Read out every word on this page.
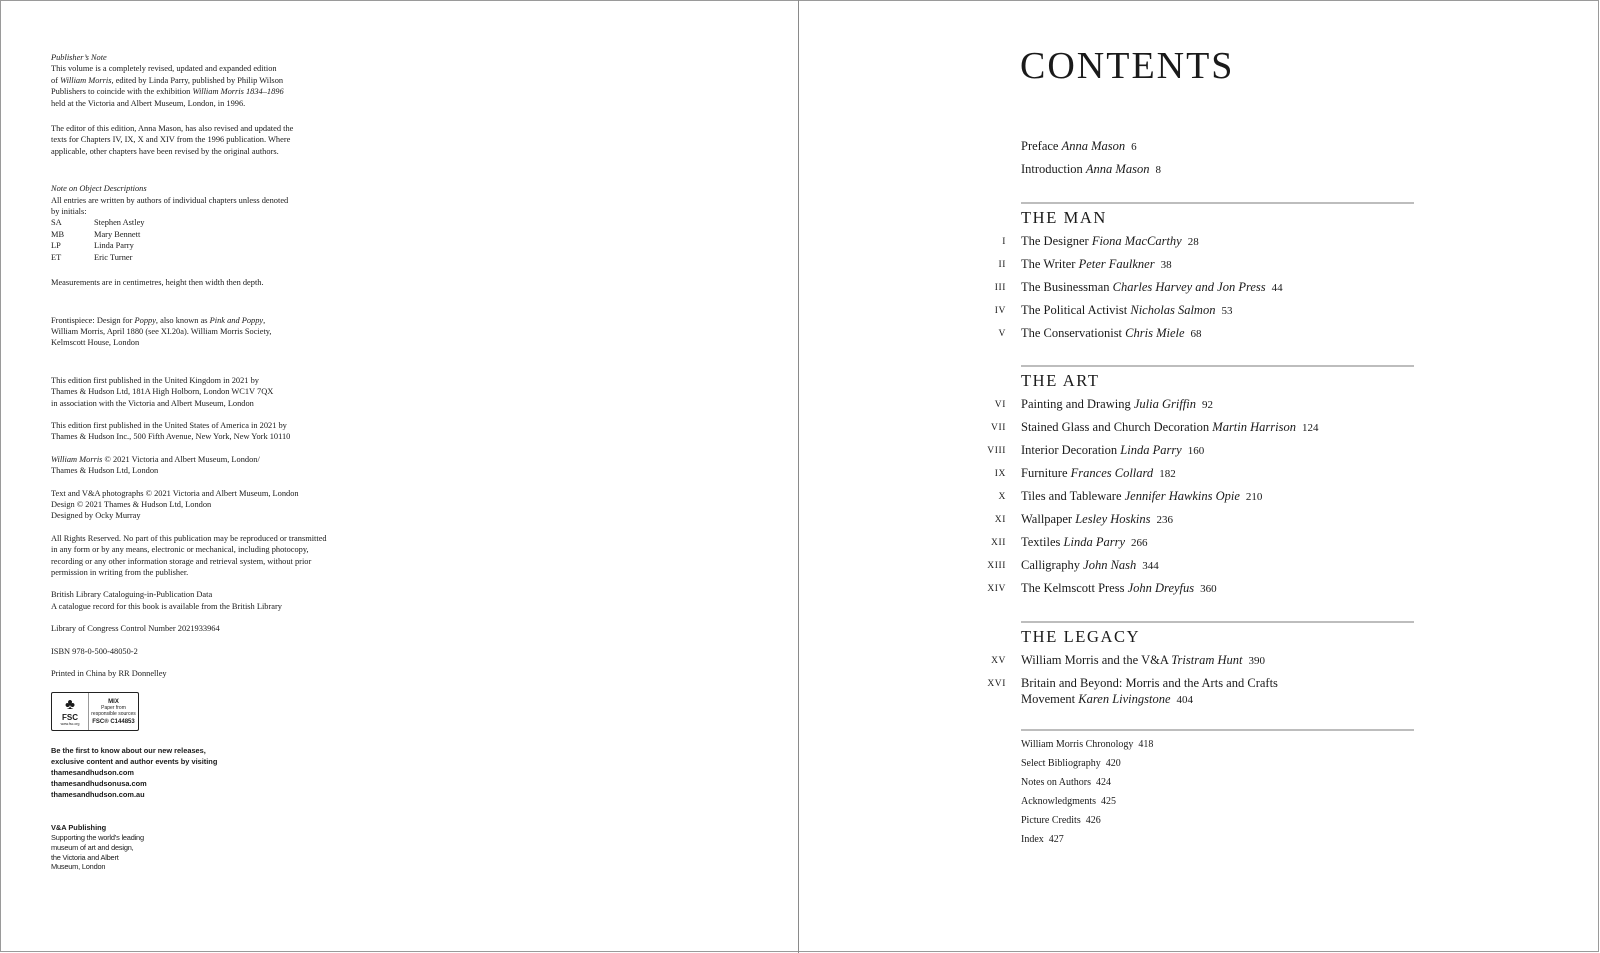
Publisher’s Note

This volume is a completely revised, updated and expanded edition

of William Morris, edited by Linda Parry, published by Philip Wilson

Publishers to coincide with the exhibition William Morris 1834–1896

held at the Victoria and Albert Museum, London, in 1996.

The editor of this edition, Anna Mason, has also revised and updated the

texts for Chapters IV, IX, X and XIV from the 1996 publication. Where

applicable, other chapters have been revised by the original authors.

Note on Object Descriptions

All entries are written by authors of individual chapters unless denoted

by initials:

SA	Stephen Astley
MB	Mary Bennett
LP	Linda Parry
ET	Eric Turner

Measurements are in centimetres, height then width then depth.

Frontispiece: Design for Poppy, also known as Pink and Poppy,

William Morris, April 1880 (see XI.20a). William Morris Society,

Kelmscott House, London

This edition first published in the United Kingdom in 2021 by

Thames & Hudson Ltd, 181A High Holborn, London WC1V 7QX

in association with the Victoria and Albert Museum, London

This edition first published in the United States of America in 2021 by

Thames & Hudson Inc., 500 Fifth Avenue, New York, New York 10110

William Morris © 2021 Victoria and Albert Museum, London/

Thames & Hudson Ltd, London

Text and V&A photographs © 2021 Victoria and Albert Museum, London

Design © 2021 Thames & Hudson Ltd, London

Designed by Ocky Murray

All Rights Reserved. No part of this publication may be reproduced or transmitted

in any form or by any means, electronic or mechanical, including photocopy,

recording or any other information storage and retrieval system, without prior

permission in writing from the publisher.

British Library Cataloguing-in-Publication Data

A catalogue record for this book is available from the British Library

Library of Congress Control Number 2021933964

ISBN 978-0-500-48050-2

Printed in China by RR Donnelley

♣
FSC
www.fsc.org
MIX
Paper from
responsible sources
FSC® C144853

Be the first to know about our new releases,

exclusive content and author events by visiting

thamesandhudson.com

thamesandhudsonusa.com

thamesandhudson.com.au

V&A Publishing

Supporting the world’s leading

museum of art and design,

the Victoria and Albert

Museum, London

CONTENTS
Preface Anna Mason 6
Introduction Anna Mason 8
THE MAN
I The Designer Fiona MacCarthy 28
II The Writer Peter Faulkner 38
III The Businessman Charles Harvey and Jon Press 44
IV The Political Activist Nicholas Salmon 53
V The Conservationist Chris Miele 68
THE ART
VI Painting and Drawing Julia Griffin 92
VII Stained Glass and Church Decoration Martin Harrison 124
VIII Interior Decoration Linda Parry 160
IX Furniture Frances Collard 182
X Tiles and Tableware Jennifer Hawkins Opie 210
XI Wallpaper Lesley Hoskins 236
XII Textiles Linda Parry 266
XIII Calligraphy John Nash 344
XIV The Kelmscott Press John Dreyfus 360
THE LEGACY
XV William Morris and the V&A Tristram Hunt 390
XVI Britain and Beyond: Morris and the Arts and Crafts
Movement Karen Livingstone 404
William Morris Chronology 418
Select Bibliography 420
Notes on Authors 424
Acknowledgments 425
Picture Credits 426
Index 427
